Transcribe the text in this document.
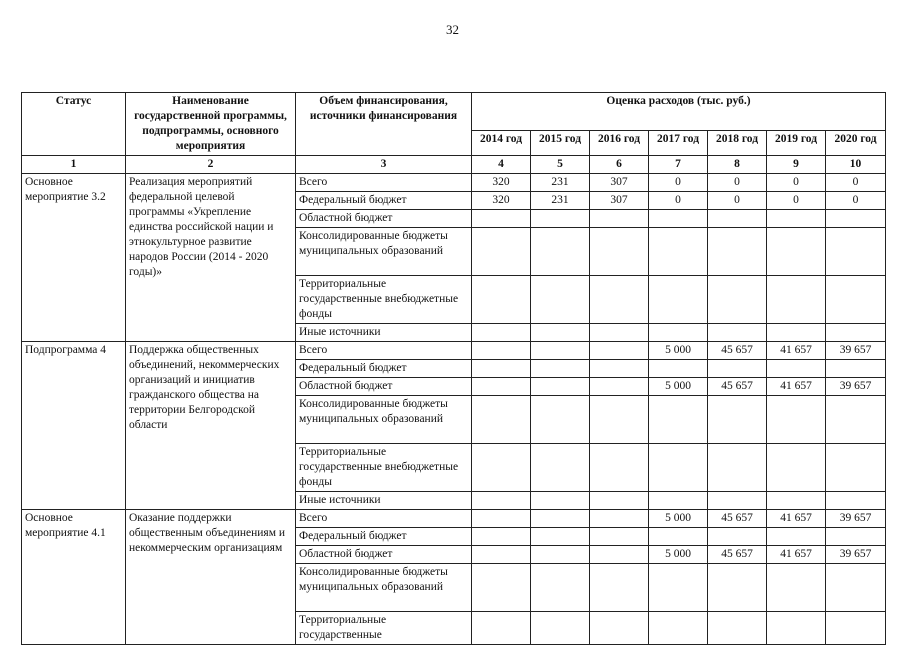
32
Статус	Наименование государственной программы, подпрограммы, основного мероприятия	Объем финансирования, источники финансирования	Оценка расходов (тыс. руб.)						
			2014 год	2015 год	2016 год	2017 год	2018 год	2019 год	2020 год
1	2	3	4	5	6	7	8	9	10
Основное мероприятие 3.2	Реализация мероприятий федеральной целевой программы «Укрепление единства российской нации и этнокультурное развитие народов России (2014 - 2020 годы)»	Всего	320	231	307	0	0	0	0
		Федеральный бюджет	320	231	307	0	0	0	0
		Областной бюджет							
		Консолидированные бюджеты муниципальных образований							
		Территориальные государственные внебюджетные фонды							
		Иные источники							
Подпрограмма 4	Поддержка общественных объединений, некоммерческих организаций и инициатив гражданского общества на территории Белгородской области	Всего				5 000	45 657	41 657	39 657
		Федеральный бюджет							
		Областной бюджет				5 000	45 657	41 657	39 657
		Консолидированные бюджеты муниципальных образований							
		Территориальные государственные внебюджетные фонды							
		Иные источники							
Основное мероприятие 4.1	Оказание поддержки общественным объединениям и некоммерческим организациям	Всего				5 000	45 657	41 657	39 657
		Федеральный бюджет							
		Областной бюджет				5 000	45 657	41 657	39 657
		Консолидированные бюджеты муниципальных образований							
		Территориальные государственные							
